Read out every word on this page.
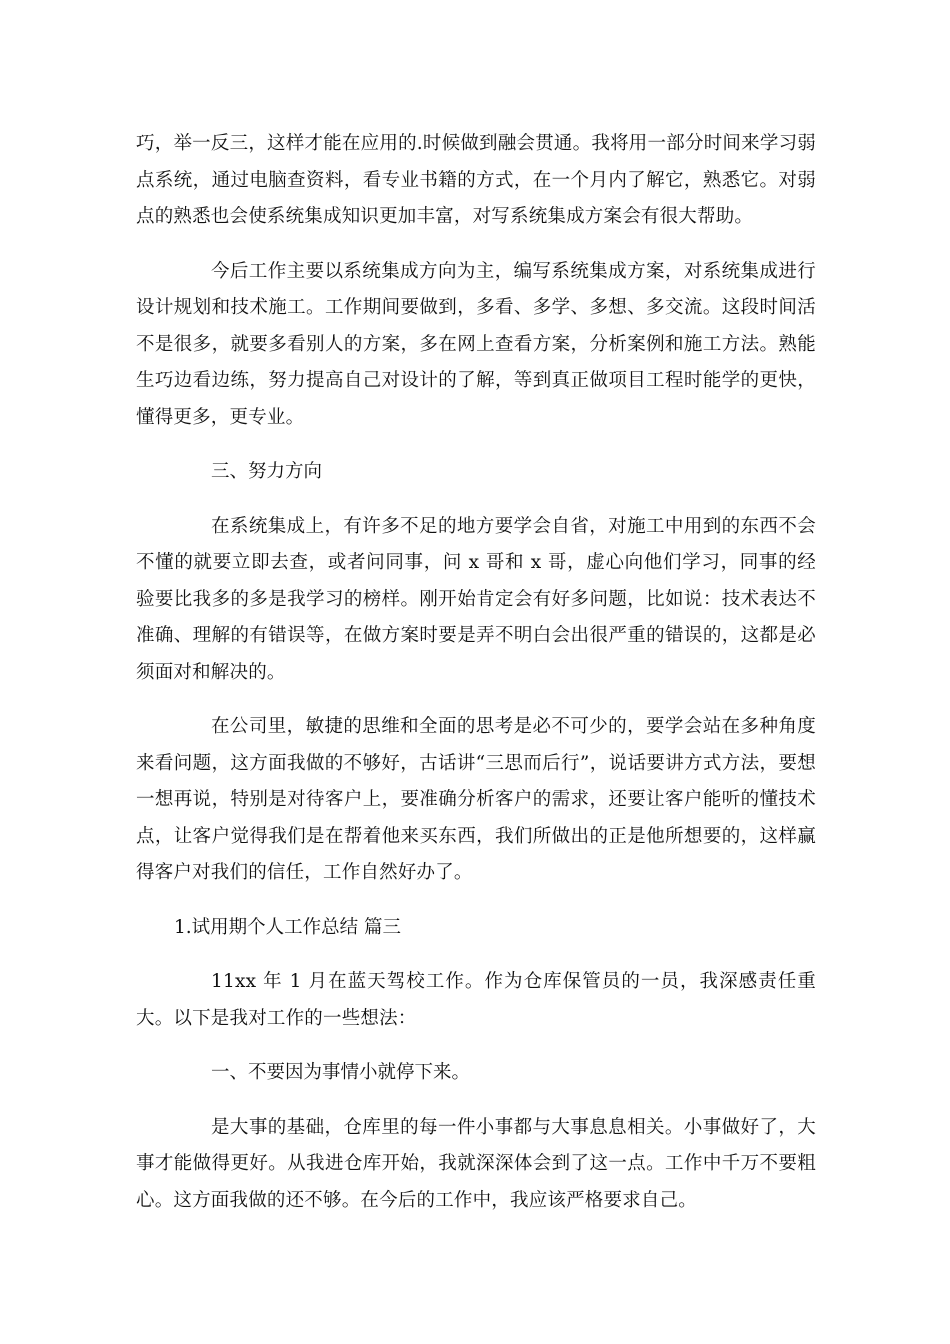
巧，举一反三，这样才能在应用的.时候做到融会贯通。我将用一部分时间来学习弱点系统，通过电脑查资料，看专业书籍的方式，在一个月内了解它，熟悉它。对弱点的熟悉也会使系统集成知识更加丰富，对写系统集成方案会有很大帮助。

今后工作主要以系统集成方向为主，编写系统集成方案，对系统集成进行设计规划和技术施工。工作期间要做到，多看、多学、多想、多交流。这段时间活不是很多，就要多看别人的方案，多在网上查看方案，分析案例和施工方法。熟能生巧边看边练，努力提高自己对设计的了解，等到真正做项目工程时能学的更快，懂得更多，更专业。

三、努力方向

在系统集成上，有许多不足的地方要学会自省，对施工中用到的东西不会不懂的就要立即去查，或者问同事，问 x 哥和 x 哥，虚心向他们学习，同事的经验要比我多的多是我学习的榜样。刚开始肯定会有好多问题，比如说：技术表达不准确、理解的有错误等，在做方案时要是弄不明白会出很严重的错误的，这都是必须面对和解决的。

在公司里，敏捷的思维和全面的思考是必不可少的，要学会站在多种角度来看问题，这方面我做的不够好，古话讲“三思而后行”，说话要讲方式方法，要想一想再说，特别是对待客户上，要准确分析客户的需求，还要让客户能听的懂技术点，让客户觉得我们是在帮着他来买东西，我们所做出的正是他所想要的，这样赢得客户对我们的信任，工作自然好办了。

1.试用期个人工作总结 篇三

11xx 年 1 月在蓝天驾校工作。作为仓库保管员的一员，我深感责任重大。以下是我对工作的一些想法：

一、不要因为事情小就停下来。

是大事的基础，仓库里的每一件小事都与大事息息相关。小事做好了，大事才能做得更好。从我进仓库开始，我就深深体会到了这一点。工作中千万不要粗心。这方面我做的还不够。在今后的工作中，我应该严格要求自己。
